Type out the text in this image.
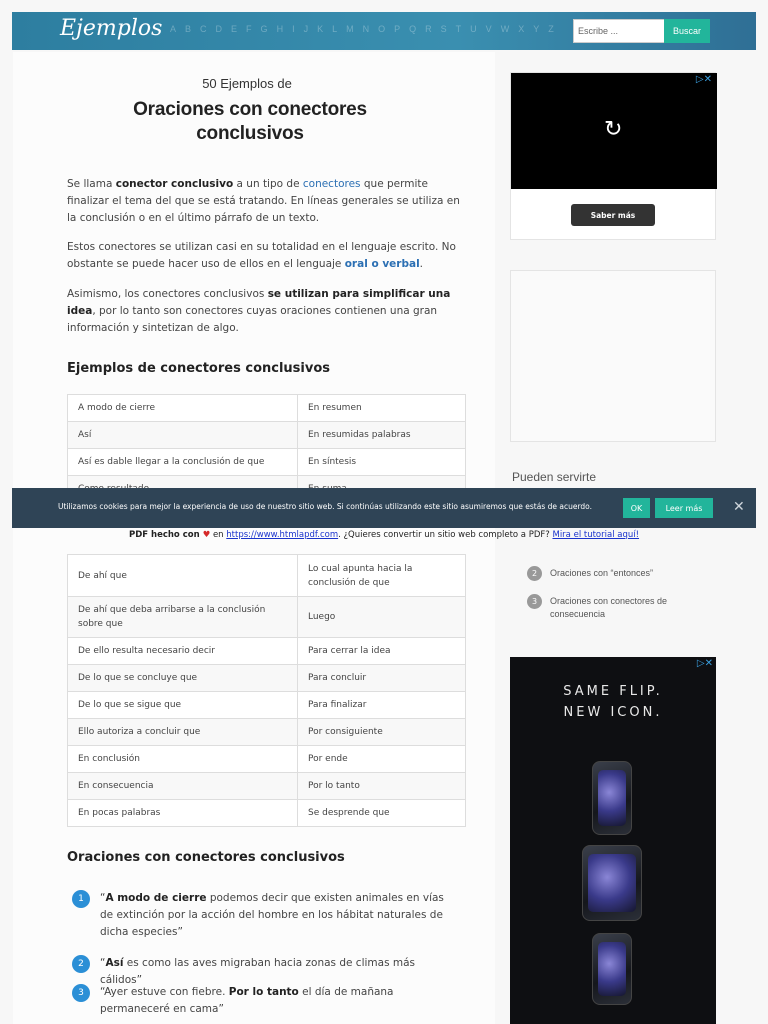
Ejemplos A B C D E F G H I J K L M N O P Q R S T U V W X Y Z
Escribe ...	Buscar
50 Ejemplos de
Oraciones con conectores conclusivos

Se llama conector conclusivo a un tipo de conectores que permite finalizar el tema del que se está tratando. En líneas generales se utiliza en la conclusión o en el último párrafo de un texto.

Estos conectores se utilizan casi en su totalidad en el lenguaje escrito. No obstante se puede hacer uso de ellos en el lenguaje oral o verbal.

Asimismo, los conectores conclusivos se utilizan para simplificar una idea, por lo tanto son conectores cuyas oraciones contienen una gran información y sintetizan de algo.

Ejemplos de conectores conclusivos
A modo de cierre	En resumen
Así	En resumidas palabras
Así es dable llegar a la conclusión de que	En síntesis

De ahí que	Lo cual apunta hacia la conclusión de que
De ahí que deba arribarse a la conclusión sobre que	Luego
De ello resulta necesario decir	Para cerrar la idea
De lo que se concluye que	Para concluir
De lo que se sigue que	Para finalizar
Ello autoriza a concluir que	Por consiguiente
En conclusión	Por ende
En consecuencia	Por lo tanto
En pocas palabras	Se desprende que
Utilizamos cookies para mejor la experiencia de uso de nuestro sitio web. Si continúas utilizando este sitio asumiremos que estás de acuerdo.	OK	Leer más	✕
PDF hecho con ♥ en https://www.htmlapdf.com. ¿Quieres convertir un sitio web completo a PDF? Mira el tutorial aquí!
Oraciones con conectores conclusivos
1	“A modo de cierre podemos decir que existen animales en vías de extinción por la acción del hombre en los hábitat naturales de dicha especies”

2	“Así es como las aves migraban hacia zonas de climas más cálidos”

3	“Ayer estuve con fiebre. Por lo tanto el día de mañana permaneceré en cama”

↻
▷✕
Saber más
Pueden servirte
2	Oraciones con “entonces”
3	Oraciones con conectores de consecuencia
▷✕
SAME FLIP.
NEW ICON.
